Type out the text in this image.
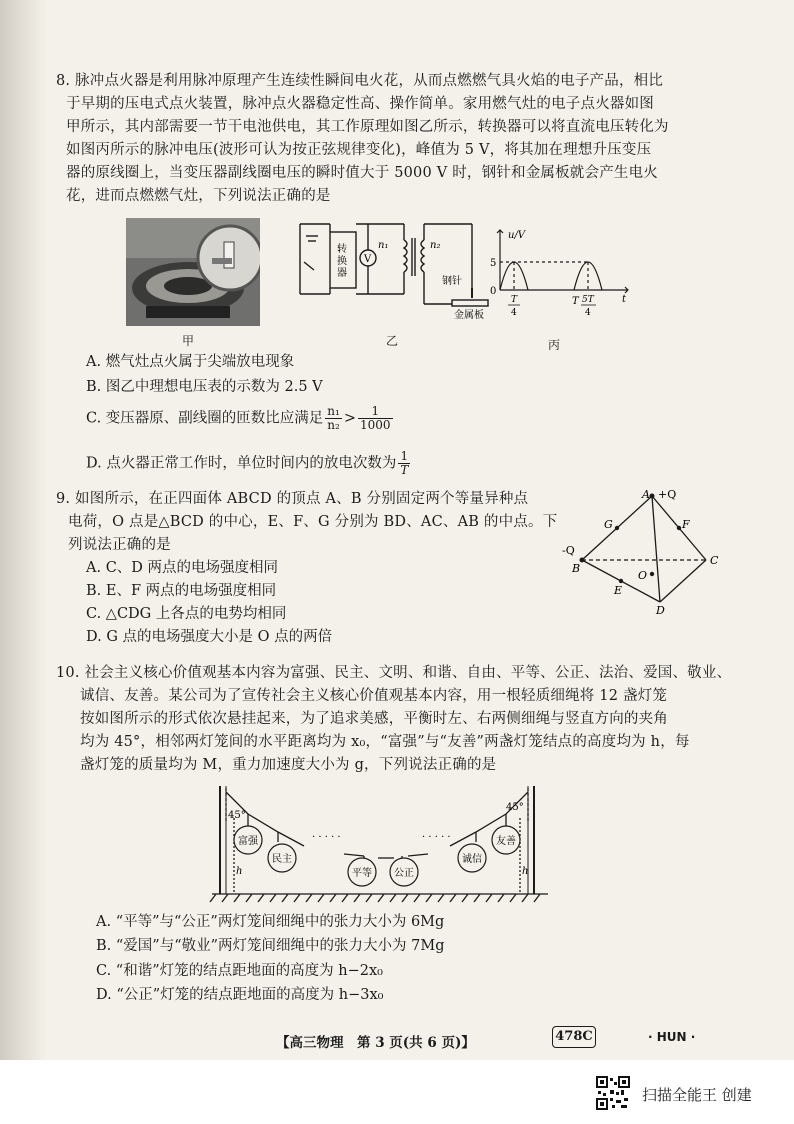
8. 脉冲点火器是利用脉冲原理产生连续性瞬间电火花，从而点燃燃气具火焰的电子产品，相比
于早期的压电式点火装置，脉冲点火器稳定性高、操作简单。家用燃气灶的电子点火器如图
甲所示，其内部需要一节干电池供电，其工作原理如图乙所示，转换器可以将直流电压转化为
如图丙所示的脉冲电压(波形可认为按正弦规律变化)，峰值为 5 V，将其加在理想升压变压
器的原线圈上，当变压器副线圈电压的瞬时值大于 5000 V 时，钢针和金属板就会产生电火
花，进而点燃燃气灶，下列说法正确的是
甲
转
换
器
V
n₁	n₂
钢针
金属板
乙
u/V
5
0
T
4
T 5T
4
t
丙
A. 燃气灶点火属于尖端放电现象
B. 图乙中理想电压表的示数为 2.5 V
C. 变压器原、副线圈的匝数比应满足 $\frac{\text{n₁}}{\text{n₂}} > \frac{1}{1000}$
D. 点火器正常工作时，单位时间内的放电次数为 $\frac{1}{T}$
9. 如图所示，在正四面体 ABCD 的顶点 A、B 分别固定两个等量异种点
电荷，O 点是△BCD 的中心，E、F、G 分别为 BD、AC、AB 的中点。下
列说法正确的是
A. C、D 两点的电场强度相同
B. E、F 两点的电场强度相同
C. △CDG 上各点的电势均相同
D. G 点的电场强度大小是 O 点的两倍
A +Q
-Q
B
C
D
E
F
G
O
10. 社会主义核心价值观基本内容为富强、民主、文明、和谐、自由、平等、公正、法治、爱国、敬业、
诚信、友善。某公司为了宣传社会主义核心价值观基本内容，用一根轻质细绳将 12 盏灯笼
按如图所示的形式依次悬挂起来，为了追求美感，平衡时左、右两侧细绳与竖直方向的夹角
均为 45°，相邻两灯笼间的水平距离均为 x₀，“富强”与“友善”两盏灯笼结点的高度均为 h，每
盏灯笼的质量均为 M，重力加速度大小为 g，下列说法正确的是
富强
民主
平等 公正
诚信
友善
45°
45°
h	h
· · · · ·	· · · · ·
A. “平等”与“公正”两灯笼间细绳中的张力大小为 6Mg
B. “爱国”与“敬业”两灯笼间细绳中的张力大小为 7Mg
C. “和谐”灯笼的结点距地面的高度为 h−2x₀
D. “公正”灯笼的结点距地面的高度为 h−3x₀
【高三物理　第 3 页(共 6 页)】	478C	· HUN ·
扫描全能王 创建
